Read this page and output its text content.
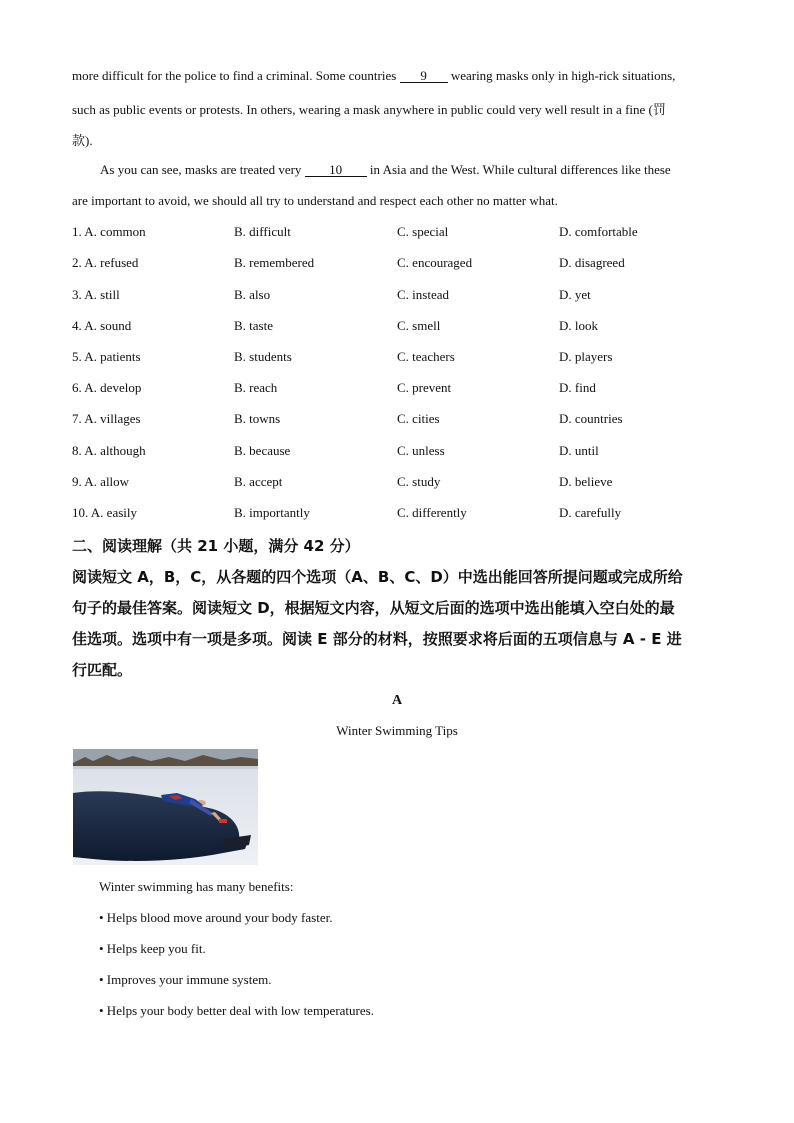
more difficult for the police to find a criminal. Some countries 9 wearing masks only in high-rick situations,
such as public events or protests. In others, wearing a mask anywhere in public could very well result in a fine (罚
款).
As you can see, masks are treated very 10 in Asia and the West. While cultural differences like these
are important to avoid, we should all try to understand and respect each other no matter what.
1. A. common	B. difficult	C. special	D. comfortable
2. A. refused	B. remembered	C. encouraged	D. disagreed
3. A. still	B. also	C. instead	D. yet
4. A. sound	B. taste	C. smell	D. look
5. A. patients	B. students	C. teachers	D. players
6. A. develop	B. reach	C. prevent	D. find
7. A. villages	B. towns	C. cities	D. countries
8. A. although	B. because	C. unless	D. until
9. A. allow	B. accept	C. study	D. believe
10. A. easily	B. importantly	C. differently	D. carefully
二、阅读理解（共 21 小题，满分 42 分）
阅读短文 A，B，C，从各题的四个选项（A、B、C、D）中选出能回答所提问题或完成所给
句子的最佳答案。阅读短文 D，根据短文内容，从短文后面的选项中选出能填入空白处的最
佳选项。选项中有一项是多项。阅读 E 部分的材料，按照要求将后面的五项信息与 A - E 进
行匹配。
A
Winter Swimming Tips
Winter swimming has many benefits:
• Helps blood move around your body faster.
• Helps keep you fit.
• Improves your immune system.
• Helps your body better deal with low temperatures.
